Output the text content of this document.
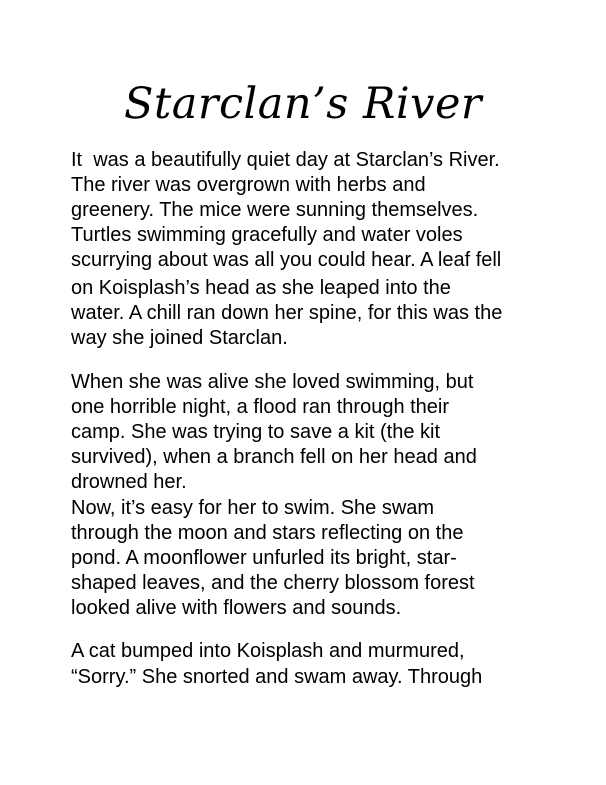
Starclan’s River

It  was a beautifully quiet day at Starclan’s River.
The river was overgrown with herbs and
greenery. The mice were sunning themselves.
Turtles swimming gracefully and water voles
scurrying about was all you could hear. A leaf fell
on Koisplash’s head as she leaped into the
water. A chill ran down her spine, for this was the
way she joined Starclan.

When she was alive she loved swimming, but
one horrible night, a flood ran through their
camp. She was trying to save a kit (the kit
survived), when a branch fell on her head and
drowned her.

Now, it’s easy for her to swim. She swam
through the moon and stars reflecting on the
pond. A moonflower unfurled its bright, star-
shaped leaves, and the cherry blossom forest
looked alive with flowers and sounds.

A cat bumped into Koisplash and murmured,
“Sorry.” She snorted and swam away. Through
